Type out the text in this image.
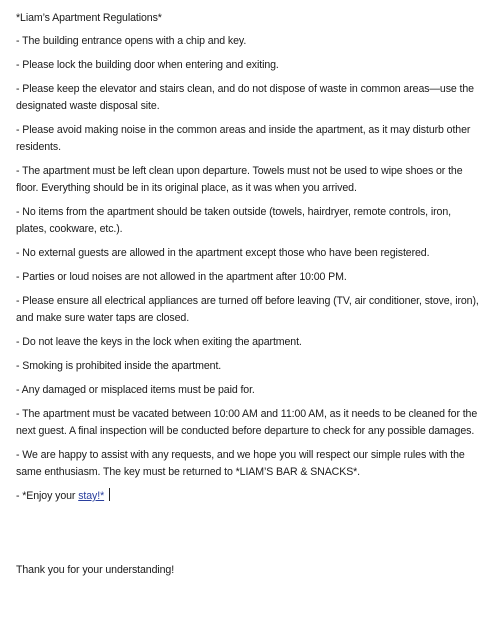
*Liam’s Apartment Regulations*
- The building entrance opens with a chip and key.
- Please lock the building door when entering and exiting.
- Please keep the elevator and stairs clean, and do not dispose of waste in common areas—use the designated waste disposal site.
- Please avoid making noise in the common areas and inside the apartment, as it may disturb other residents.
- The apartment must be left clean upon departure. Towels must not be used to wipe shoes or the floor. Everything should be in its original place, as it was when you arrived.
- No items from the apartment should be taken outside (towels, hairdryer, remote controls, iron, plates, cookware, etc.).
- No external guests are allowed in the apartment except those who have been registered.
- Parties or loud noises are not allowed in the apartment after 10:00 PM.
- Please ensure all electrical appliances are turned off before leaving (TV, air conditioner, stove, iron), and make sure water taps are closed.
- Do not leave the keys in the lock when exiting the apartment.
- Smoking is prohibited inside the apartment.
- Any damaged or misplaced items must be paid for.
- The apartment must be vacated between 10:00 AM and 11:00 AM, as it needs to be cleaned for the next guest. A final inspection will be conducted before departure to check for any possible damages.
- We are happy to assist with any requests, and we hope you will respect our simple rules with the same enthusiasm. The key must be returned to *LIAM’S BAR & SNACKS*.
- *Enjoy your stay!*
Thank you for your understanding!
